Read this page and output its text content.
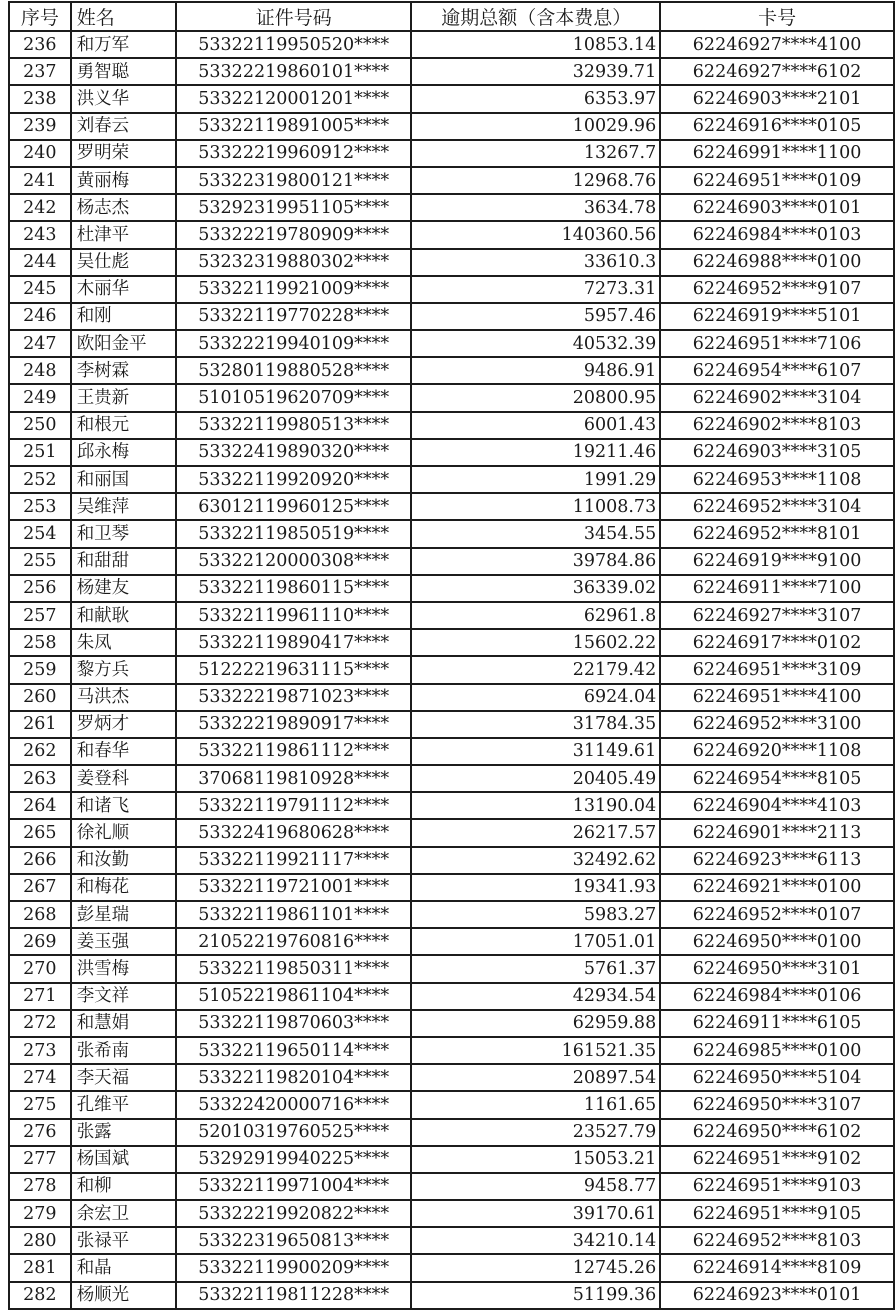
序号	姓名	证件号码	逾期总额（含本费息）	卡号
236	和万军	53322119950520****	10853.14	62246927****4100
237	勇智聪	53322219860101****	32939.71	62246927****6102
238	洪义华	53322120001201****	6353.97	62246903****2101
239	刘春云	53322119891005****	10029.96	62246916****0105
240	罗明荣	53322219960912****	13267.7	62246991****1100
241	黄丽梅	53322319800121****	12968.76	62246951****0109
242	杨志杰	53292319951105****	3634.78	62246903****0101
243	杜津平	53322219780909****	140360.56	62246984****0103
244	吴仕彪	53232319880302****	33610.3	62246988****0100
245	木丽华	53322119921009****	7273.31	62246952****9107
246	和刚	53322119770228****	5957.46	62246919****5101
247	欧阳金平	53322219940109****	40532.39	62246951****7106
248	李树霖	53280119880528****	9486.91	62246954****6107
249	王贵新	51010519620709****	20800.95	62246902****3104
250	和根元	53322119980513****	6001.43	62246902****8103
251	邱永梅	53322419890320****	19211.46	62246903****3105
252	和丽国	53322119920920****	1991.29	62246953****1108
253	吴维萍	63012119960125****	11008.73	62246952****3104
254	和卫琴	53322119850519****	3454.55	62246952****8101
255	和甜甜	53322120000308****	39784.86	62246919****9100
256	杨建友	53322119860115****	36339.02	62246911****7100
257	和献耿	53322119961110****	62961.8	62246927****3107
258	朱凤	53322119890417****	15602.22	62246917****0102
259	黎方兵	51222219631115****	22179.42	62246951****3109
260	马洪杰	53322219871023****	6924.04	62246951****4100
261	罗炳才	53322219890917****	31784.35	62246952****3100
262	和春华	53322119861112****	31149.61	62246920****1108
263	姜登科	37068119810928****	20405.49	62246954****8105
264	和诸飞	53322119791112****	13190.04	62246904****4103
265	徐礼顺	53322419680628****	26217.57	62246901****2113
266	和汝勤	53322119921117****	32492.62	62246923****6113
267	和梅花	53322119721001****	19341.93	62246921****0100
268	彭星瑞	53322119861101****	5983.27	62246952****0107
269	姜玉强	21052219760816****	17051.01	62246950****0100
270	洪雪梅	53322119850311****	5761.37	62246950****3101
271	李文祥	51052219861104****	42934.54	62246984****0106
272	和慧娟	53322119870603****	62959.88	62246911****6105
273	张希南	53322119650114****	161521.35	62246985****0100
274	李天福	53322119820104****	20897.54	62246950****5104
275	孔维平	53322420000716****	1161.65	62246950****3107
276	张露	52010319760525****	23527.79	62246950****6102
277	杨国斌	53292919940225****	15053.21	62246951****9102
278	和柳	53322119971004****	9458.77	62246951****9103
279	余宏卫	53322219920822****	39170.61	62246951****9105
280	张禄平	53322319650813****	34210.14	62246952****8103
281	和晶	53322119900209****	12745.26	62246914****8109
282	杨顺光	53322119811228****	51199.36	62246923****0101
